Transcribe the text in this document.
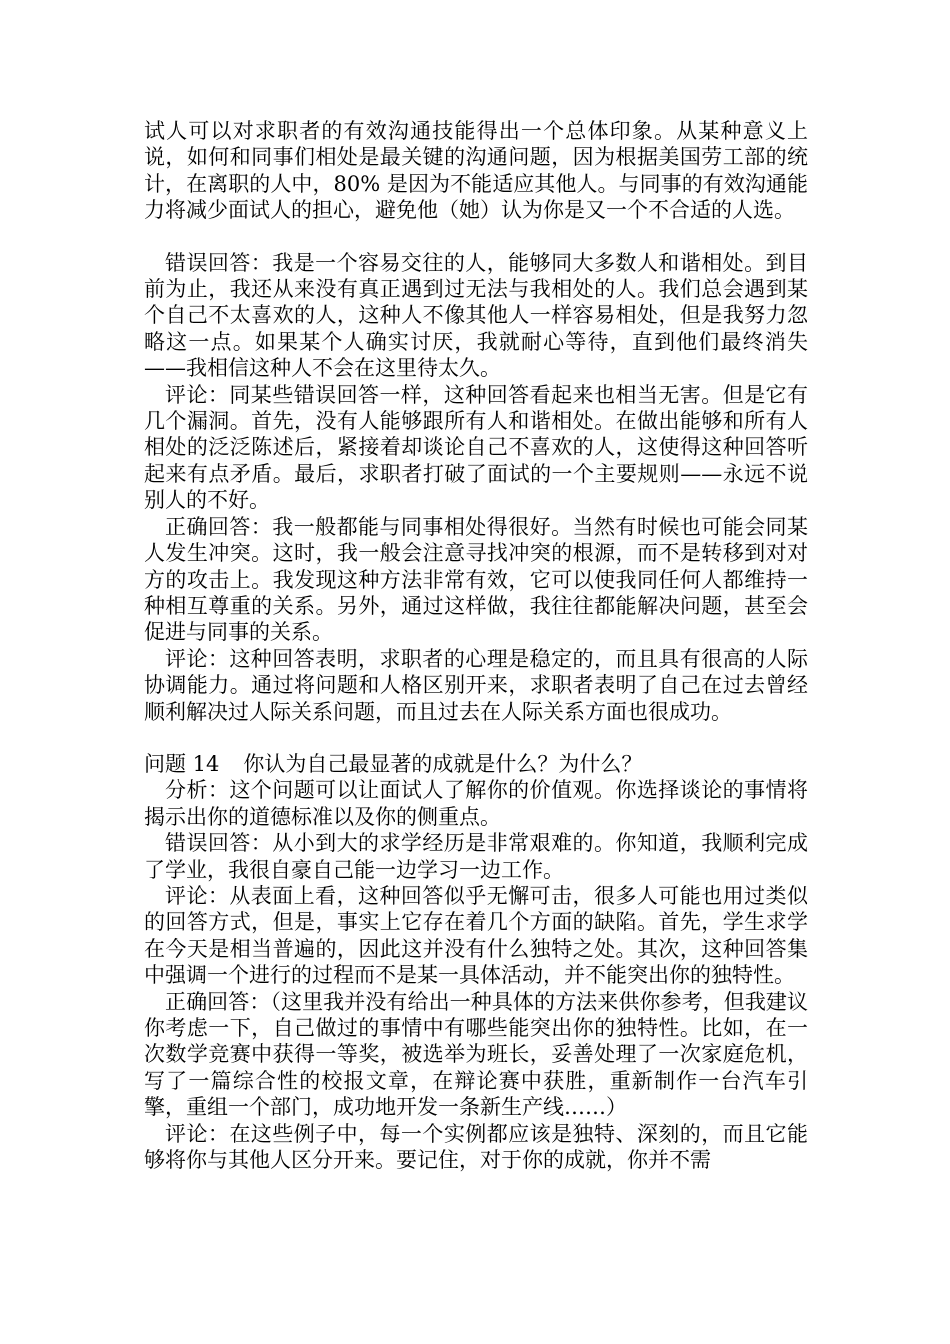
试人可以对求职者的有效沟通技能得出一个总体印象。从某种意义上说，如何和同事们相处是最关键的沟通问题，因为根据美国劳工部的统计，在离职的人中，80% 是因为不能适应其他人。与同事的有效沟通能力将减少面试人的担心，避免他（她）认为你是又一个不合适的人选。

错误回答：我是一个容易交往的人，能够同大多数人和谐相处。到目前为止，我还从来没有真正遇到过无法与我相处的人。我们总会遇到某个自己不太喜欢的人，这种人不像其他人一样容易相处，但是我努力忽略这一点。如果某个人确实讨厌，我就耐心等待，直到他们最终消失——我相信这种人不会在这里待太久。

评论：同某些错误回答一样，这种回答看起来也相当无害。但是它有几个漏洞。首先，没有人能够跟所有人和谐相处。在做出能够和所有人相处的泛泛陈述后，紧接着却谈论自己不喜欢的人，这使得这种回答听起来有点矛盾。最后，求职者打破了面试的一个主要规则——永远不说别人的不好。

正确回答：我一般都能与同事相处得很好。当然有时候也可能会同某人发生冲突。这时，我一般会注意寻找冲突的根源，而不是转移到对对方的攻击上。我发现这种方法非常有效，它可以使我同任何人都维持一种相互尊重的关系。另外，通过这样做，我往往都能解决问题，甚至会促进与同事的关系。

评论：这种回答表明，求职者的心理是稳定的，而且具有很高的人际协调能力。通过将问题和人格区别开来，求职者表明了自己在过去曾经顺利解决过人际关系问题，而且过去在人际关系方面也很成功。

问题 14 你认为自己最显著的成就是什么？为什么？

分析：这个问题可以让面试人了解你的价值观。你选择谈论的事情将揭示出你的道德标准以及你的侧重点。

错误回答：从小到大的求学经历是非常艰难的。你知道，我顺利完成了学业，我很自豪自己能一边学习一边工作。

评论：从表面上看，这种回答似乎无懈可击，很多人可能也用过类似的回答方式，但是，事实上它存在着几个方面的缺陷。首先，学生求学在今天是相当普遍的，因此这并没有什么独特之处。其次，这种回答集中强调一个进行的过程而不是某一具体活动，并不能突出你的独特性。

正确回答：（这里我并没有给出一种具体的方法来供你参考，但我建议你考虑一下，自己做过的事情中有哪些能突出你的独特性。比如，在一次数学竞赛中获得一等奖，被选举为班长，妥善处理了一次家庭危机，写了一篇综合性的校报文章，在辩论赛中获胜，重新制作一台汽车引擎，重组一个部门，成功地开发一条新生产线……）

评论：在这些例子中，每一个实例都应该是独特、深刻的，而且它能够将你与其他人区分开来。要记住，对于你的成就，你并不需
